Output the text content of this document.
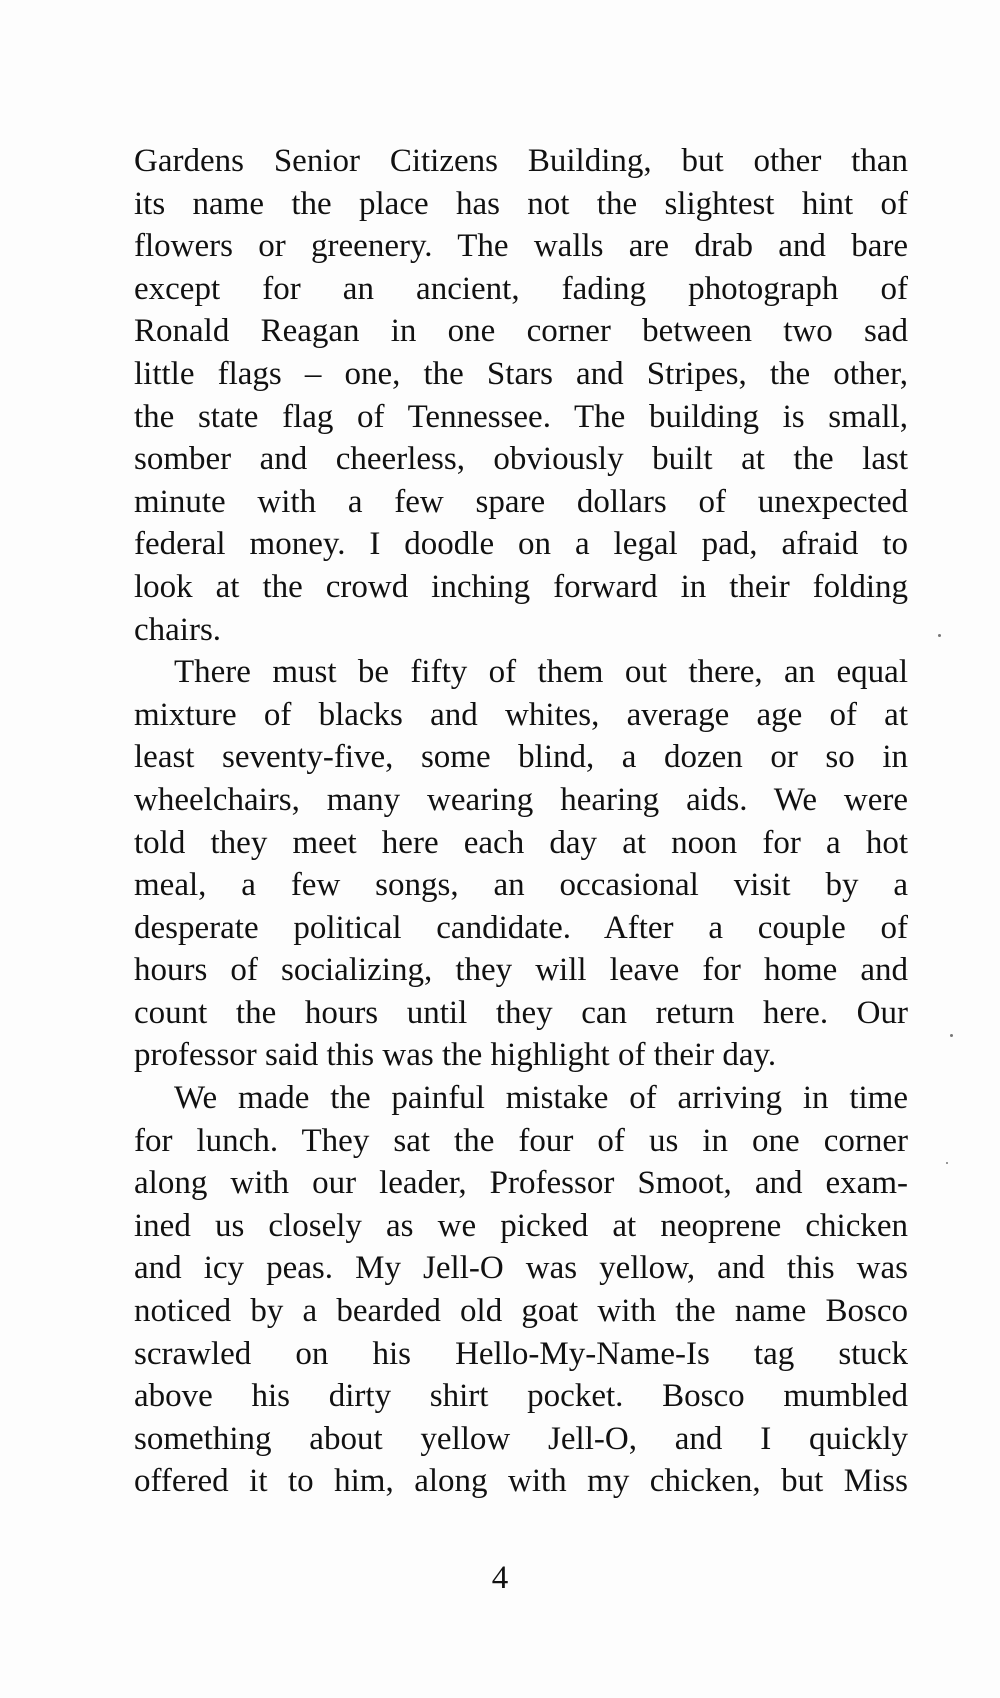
Gardens Senior Citizens Building, but other than
its name the place has not the slightest hint of
flowers or greenery. The walls are drab and bare
except for an ancient, fading photograph of
Ronald Reagan in one corner between two sad
little flags – one, the Stars and Stripes, the other,
the state flag of Tennessee. The building is small,
somber and cheerless, obviously built at the last
minute with a few spare dollars of unexpected
federal money. I doodle on a legal pad, afraid to
look at the crowd inching forward in their folding
chairs.

There must be fifty of them out there, an equal
mixture of blacks and whites, average age of at
least seventy-five, some blind, a dozen or so in
wheelchairs, many wearing hearing aids. We were
told they meet here each day at noon for a hot
meal, a few songs, an occasional visit by a
desperate political candidate. After a couple of
hours of socializing, they will leave for home and
count the hours until they can return here. Our
professor said this was the highlight of their day.

We made the painful mistake of arriving in time
for lunch. They sat the four of us in one corner
along with our leader, Professor Smoot, and exam-
ined us closely as we picked at neoprene chicken
and icy peas. My Jell-O was yellow, and this was
noticed by a bearded old goat with the name Bosco
scrawled on his Hello-My-Name-Is tag stuck
above his dirty shirt pocket. Bosco mumbled
something about yellow Jell-O, and I quickly
offered it to him, along with my chicken, but Miss

4
